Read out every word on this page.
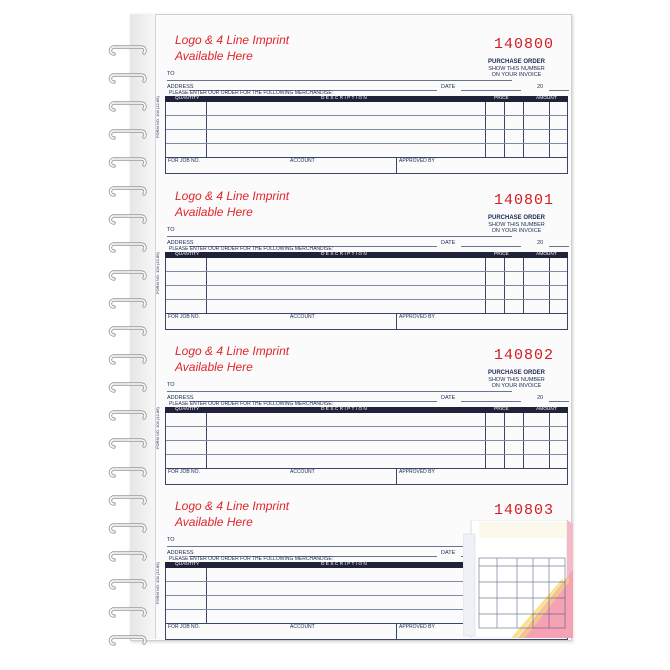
Logo & 4 Line Imprint
Available Here
140800
PURCHASE ORDER
SHOW THIS NUMBER
ON YOUR INVOICE
TO
ADDRESS	DATE	20
PLEASE ENTER OUR ORDER FOR THE FOLLOWING MERCHANDISE:
QUANTITY	D E S C R I P T I O N	PRICE	AMOUNT
FOR JOB NO.	ACCOUNT	APPROVED BY
FORM NO. 104 (12-86)
Logo & 4 Line Imprint
Available Here
140801
PURCHASE ORDER
SHOW THIS NUMBER
ON YOUR INVOICE
TO
ADDRESS	DATE	20
PLEASE ENTER OUR ORDER FOR THE FOLLOWING MERCHANDISE:
QUANTITY	D E S C R I P T I O N	PRICE	AMOUNT
FOR JOB NO.	ACCOUNT	APPROVED BY
FORM NO. 104 (12-86)
Logo & 4 Line Imprint
Available Here
140802
PURCHASE ORDER
SHOW THIS NUMBER
ON YOUR INVOICE
TO
ADDRESS	DATE	20
PLEASE ENTER OUR ORDER FOR THE FOLLOWING MERCHANDISE:
QUANTITY	D E S C R I P T I O N	PRICE	AMOUNT
FOR JOB NO.	ACCOUNT	APPROVED BY
FORM NO. 104 (12-86)
Logo & 4 Line Imprint
Available Here
140803
TO
ADDRESS	DATE
PLEASE ENTER OUR ORDER FOR THE FOLLOWING MERCHANDISE:
QUANTITY	D E S C R I P T I O N
FOR JOB NO.	ACCOUNT	APPROVED BY
FORM NO. 104 (12-86)
